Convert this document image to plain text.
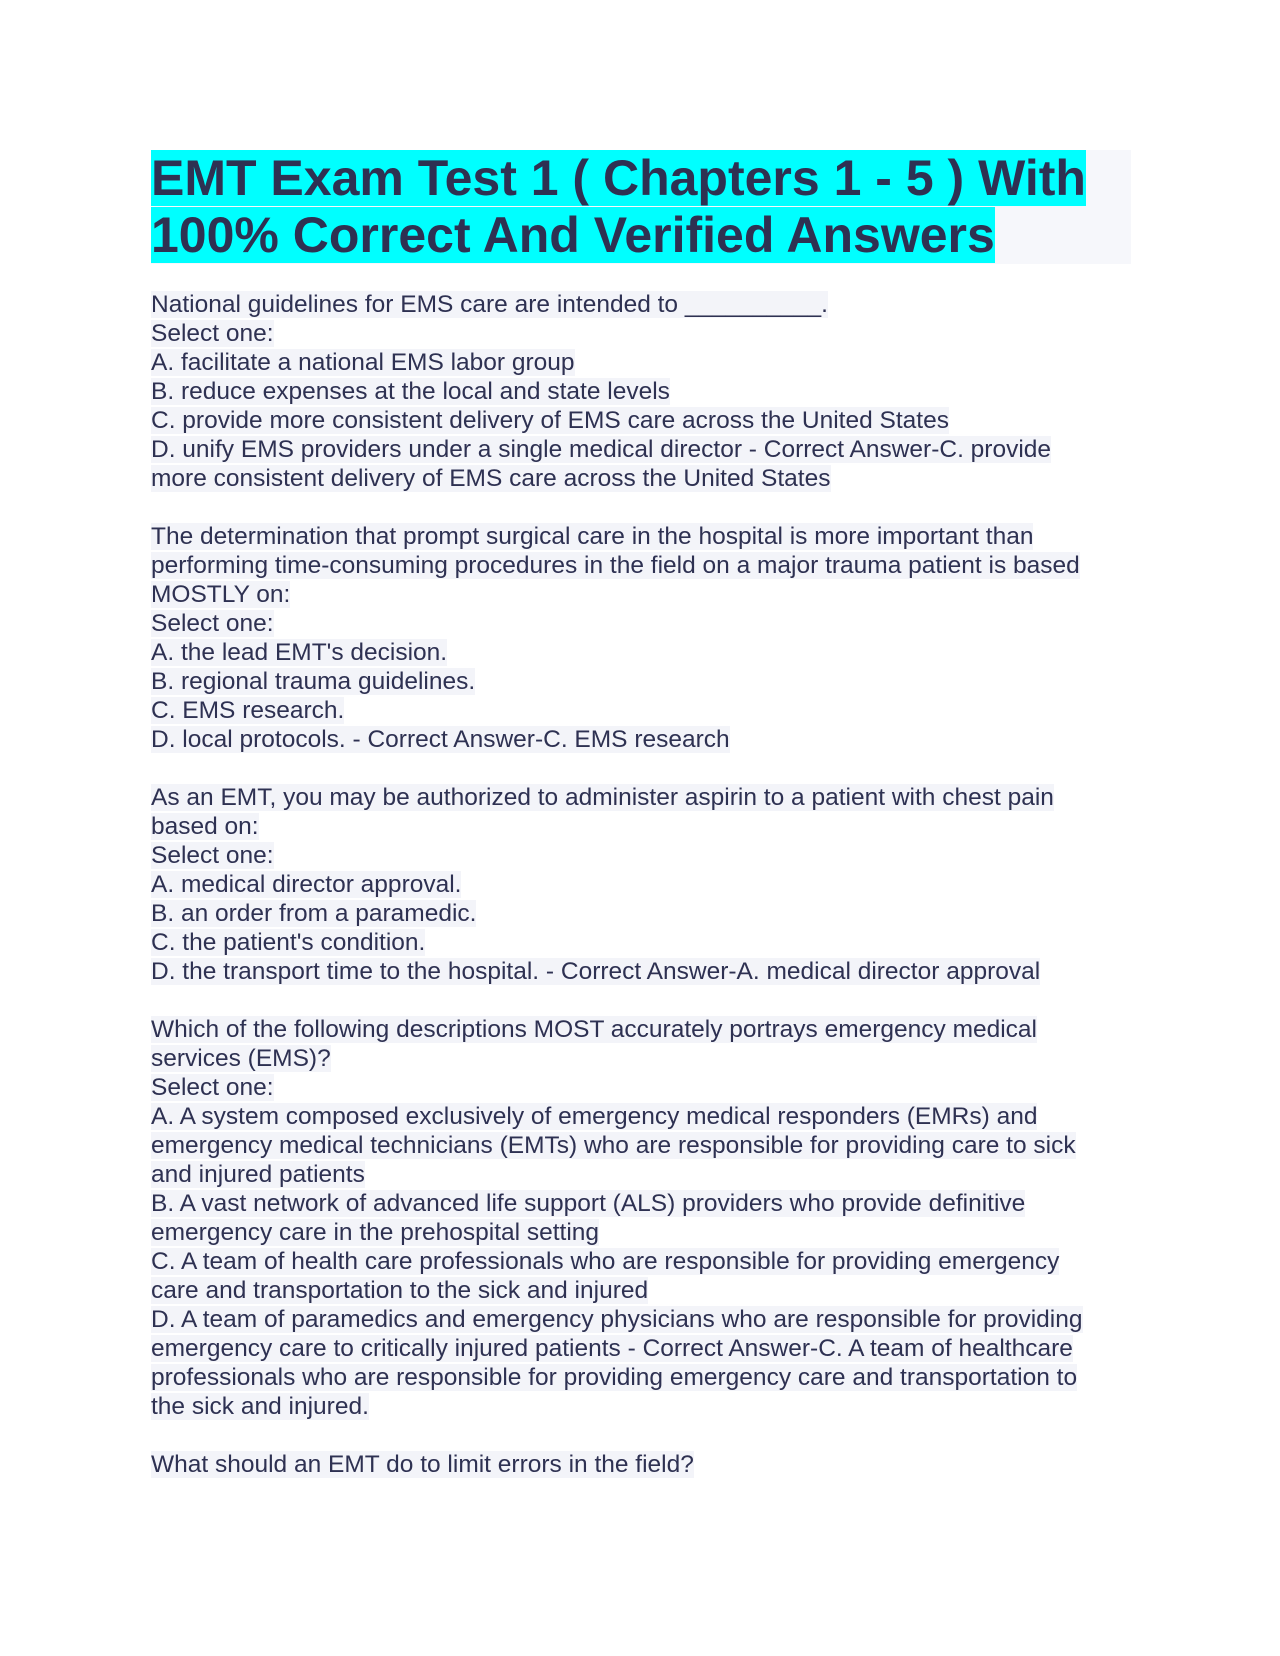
EMT Exam Test 1 ( Chapters 1 - 5 ) With
100% Correct And Verified Answers

National guidelines for EMS care are intended to __________.

Select one:

A. facilitate a national EMS labor group

B. reduce expenses at the local and state levels

C. provide more consistent delivery of EMS care across the United States

D. unify EMS providers under a single medical director - Correct Answer-C. provide

more consistent delivery of EMS care across the United States

The determination that prompt surgical care in the hospital is more important than

performing time-consuming procedures in the field on a major trauma patient is based

MOSTLY on:

Select one:

A. the lead EMT's decision.

B. regional trauma guidelines.

C. EMS research.

D. local protocols. - Correct Answer-C. EMS research

As an EMT, you may be authorized to administer aspirin to a patient with chest pain

based on:

Select one:

A. medical director approval.

B. an order from a paramedic.

C. the patient's condition.

D. the transport time to the hospital. - Correct Answer-A. medical director approval

Which of the following descriptions MOST accurately portrays emergency medical

services (EMS)?

Select one:

A. A system composed exclusively of emergency medical responders (EMRs) and

emergency medical technicians (EMTs) who are responsible for providing care to sick

and injured patients

B. A vast network of advanced life support (ALS) providers who provide definitive

emergency care in the prehospital setting

C. A team of health care professionals who are responsible for providing emergency

care and transportation to the sick and injured

D. A team of paramedics and emergency physicians who are responsible for providing

emergency care to critically injured patients - Correct Answer-C. A team of healthcare

professionals who are responsible for providing emergency care and transportation to

the sick and injured.

What should an EMT do to limit errors in the field?
